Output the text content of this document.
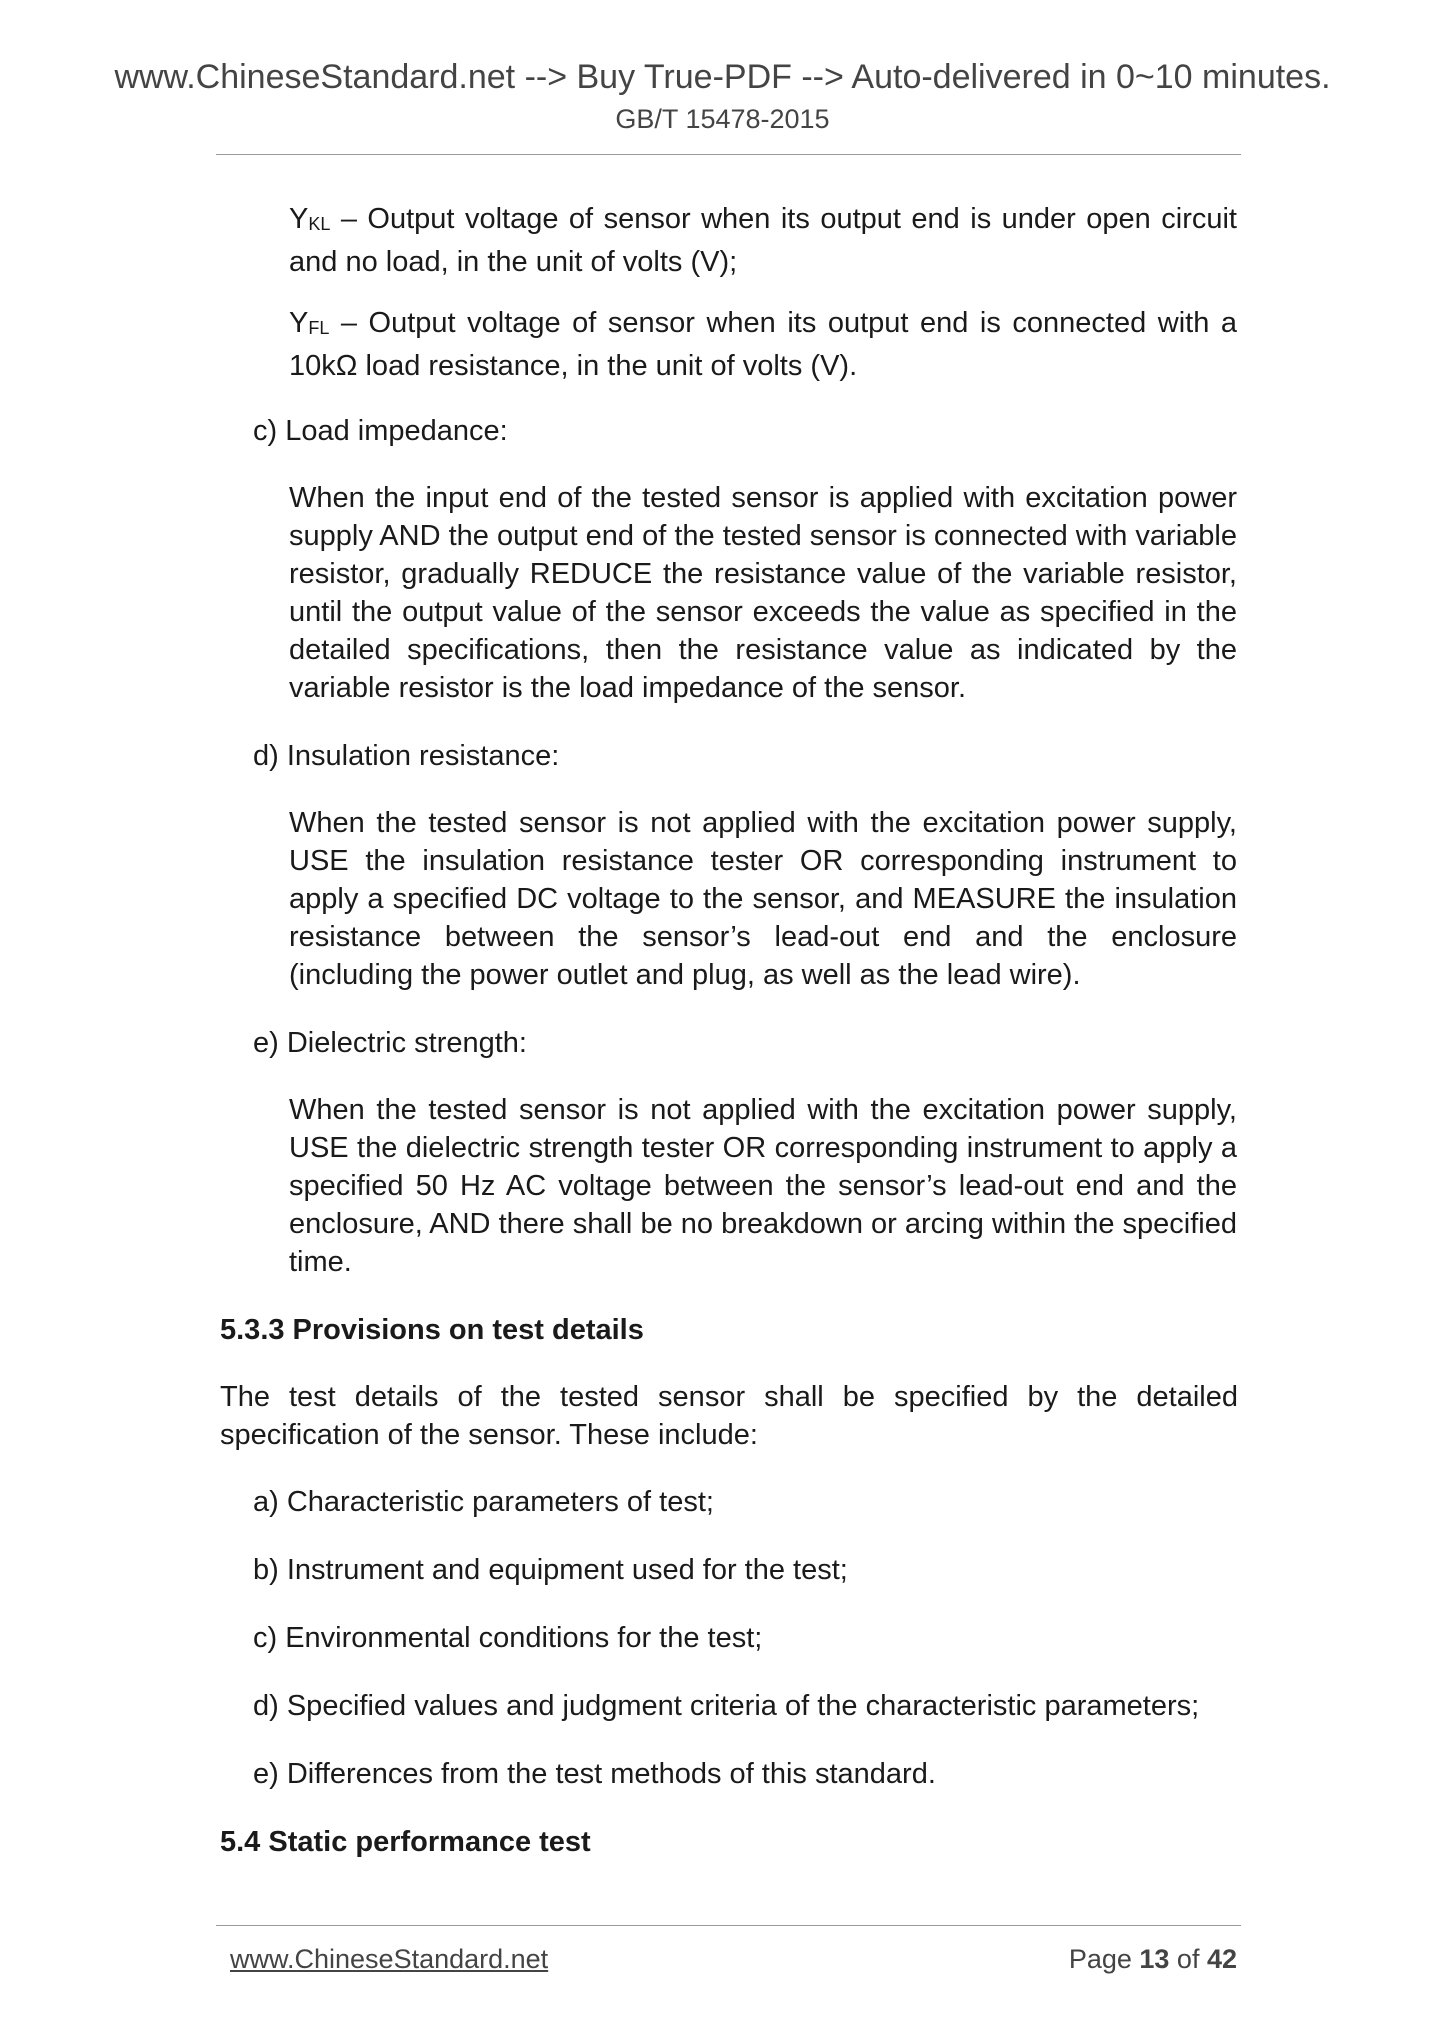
www.ChineseStandard.net --> Buy True-PDF --> Auto-delivered in 0~10 minutes.
GB/T 15478-2015

$Y_{KL}$ – Output voltage of sensor when its output end is under open circuit and no load, in the unit of volts (V);

$Y_{FL}$ – Output voltage of sensor when its output end is connected with a 10kΩ load resistance, in the unit of volts (V).

c) Load impedance:

When the input end of the tested sensor is applied with excitation power supply AND the output end of the tested sensor is connected with variable resistor, gradually REDUCE the resistance value of the variable resistor, until the output value of the sensor exceeds the value as specified in the detailed specifications, then the resistance value as indicated by the variable resistor is the load impedance of the sensor.

d) Insulation resistance:

When the tested sensor is not applied with the excitation power supply, USE the insulation resistance tester OR corresponding instrument to apply a specified DC voltage to the sensor, and MEASURE the insulation resistance between the sensor’s lead-out end and the enclosure (including the power outlet and plug, as well as the lead wire).

e) Dielectric strength:

When the tested sensor is not applied with the excitation power supply, USE the dielectric strength tester OR corresponding instrument to apply a specified 50 Hz AC voltage between the sensor’s lead-out end and the enclosure, AND there shall be no breakdown or arcing within the specified time.

5.3.3 Provisions on test details

The test details of the tested sensor shall be specified by the detailed specification of the sensor. These include:

a) Characteristic parameters of test;

b) Instrument and equipment used for the test;

c) Environmental conditions for the test;

d) Specified values and judgment criteria of the characteristic parameters;

e) Differences from the test methods of this standard.

5.4 Static performance test

www.ChineseStandard.net	Page 13 of 42
